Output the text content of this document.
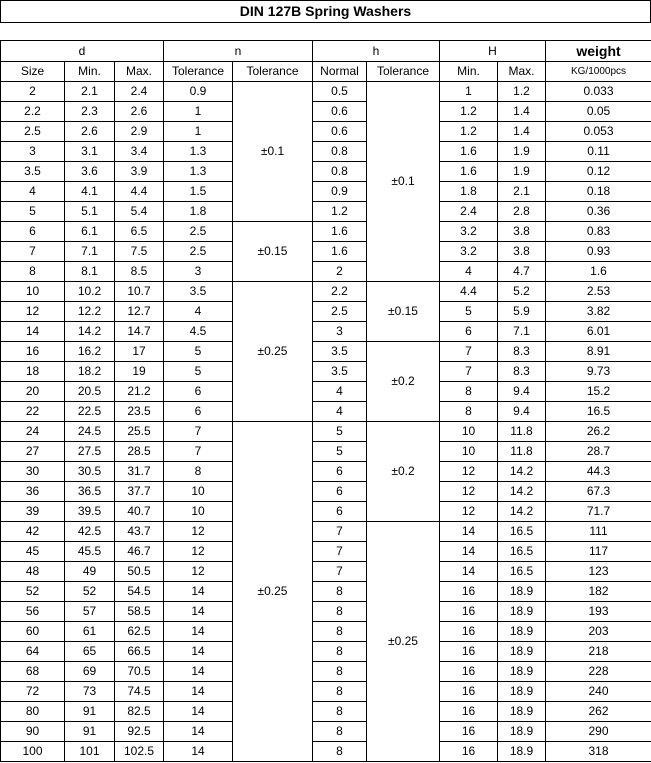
DIN 127B Spring Washers
d			n		h		H		weight
Size	Min.	Max.	Tolerance	Tolerance	Normal	Tolerance	Min.	Max.	KG/1000pcs
2	2.1	2.4	0.9	±0.1	0.5	±0.1	1	1.2	0.033
2.2	2.3	2.6	1		0.6		1.2	1.4	0.05
2.5	2.6	2.9	1		0.6		1.2	1.4	0.053
3	3.1	3.4	1.3		0.8		1.6	1.9	0.11
3.5	3.6	3.9	1.3		0.8		1.6	1.9	0.12
4	4.1	4.4	1.5		0.9		1.8	2.1	0.18
5	5.1	5.4	1.8		1.2		2.4	2.8	0.36
6	6.1	6.5	2.5	±0.15	1.6		3.2	3.8	0.83
7	7.1	7.5	2.5		1.6		3.2	3.8	0.93
8	8.1	8.5	3		2		4	4.7	1.6
10	10.2	10.7	3.5	±0.25	2.2	±0.15	4.4	5.2	2.53
12	12.2	12.7	4		2.5		5	5.9	3.82
14	14.2	14.7	4.5		3		6	7.1	6.01
16	16.2	17	5		3.5	±0.2	7	8.3	8.91
18	18.2	19	5		3.5		7	8.3	9.73
20	20.5	21.2	6		4		8	9.4	15.2
22	22.5	23.5	6		4		8	9.4	16.5
24	24.5	25.5	7	±0.25	5	±0.2	10	11.8	26.2
27	27.5	28.5	7		5		10	11.8	28.7
30	30.5	31.7	8		6		12	14.2	44.3
36	36.5	37.7	10		6		12	14.2	67.3
39	39.5	40.7	10		6		12	14.2	71.7
42	42.5	43.7	12		7	±0.25	14	16.5	111
45	45.5	46.7	12		7		14	16.5	117
48	49	50.5	12		7		14	16.5	123
52	52	54.5	14		8		16	18.9	182
56	57	58.5	14		8		16	18.9	193
60	61	62.5	14		8		16	18.9	203
64	65	66.5	14		8		16	18.9	218
68	69	70.5	14		8		16	18.9	228
72	73	74.5	14		8		16	18.9	240
80	91	82.5	14		8		16	18.9	262
90	91	92.5	14		8		16	18.9	290
100	101	102.5	14		8		16	18.9	318
